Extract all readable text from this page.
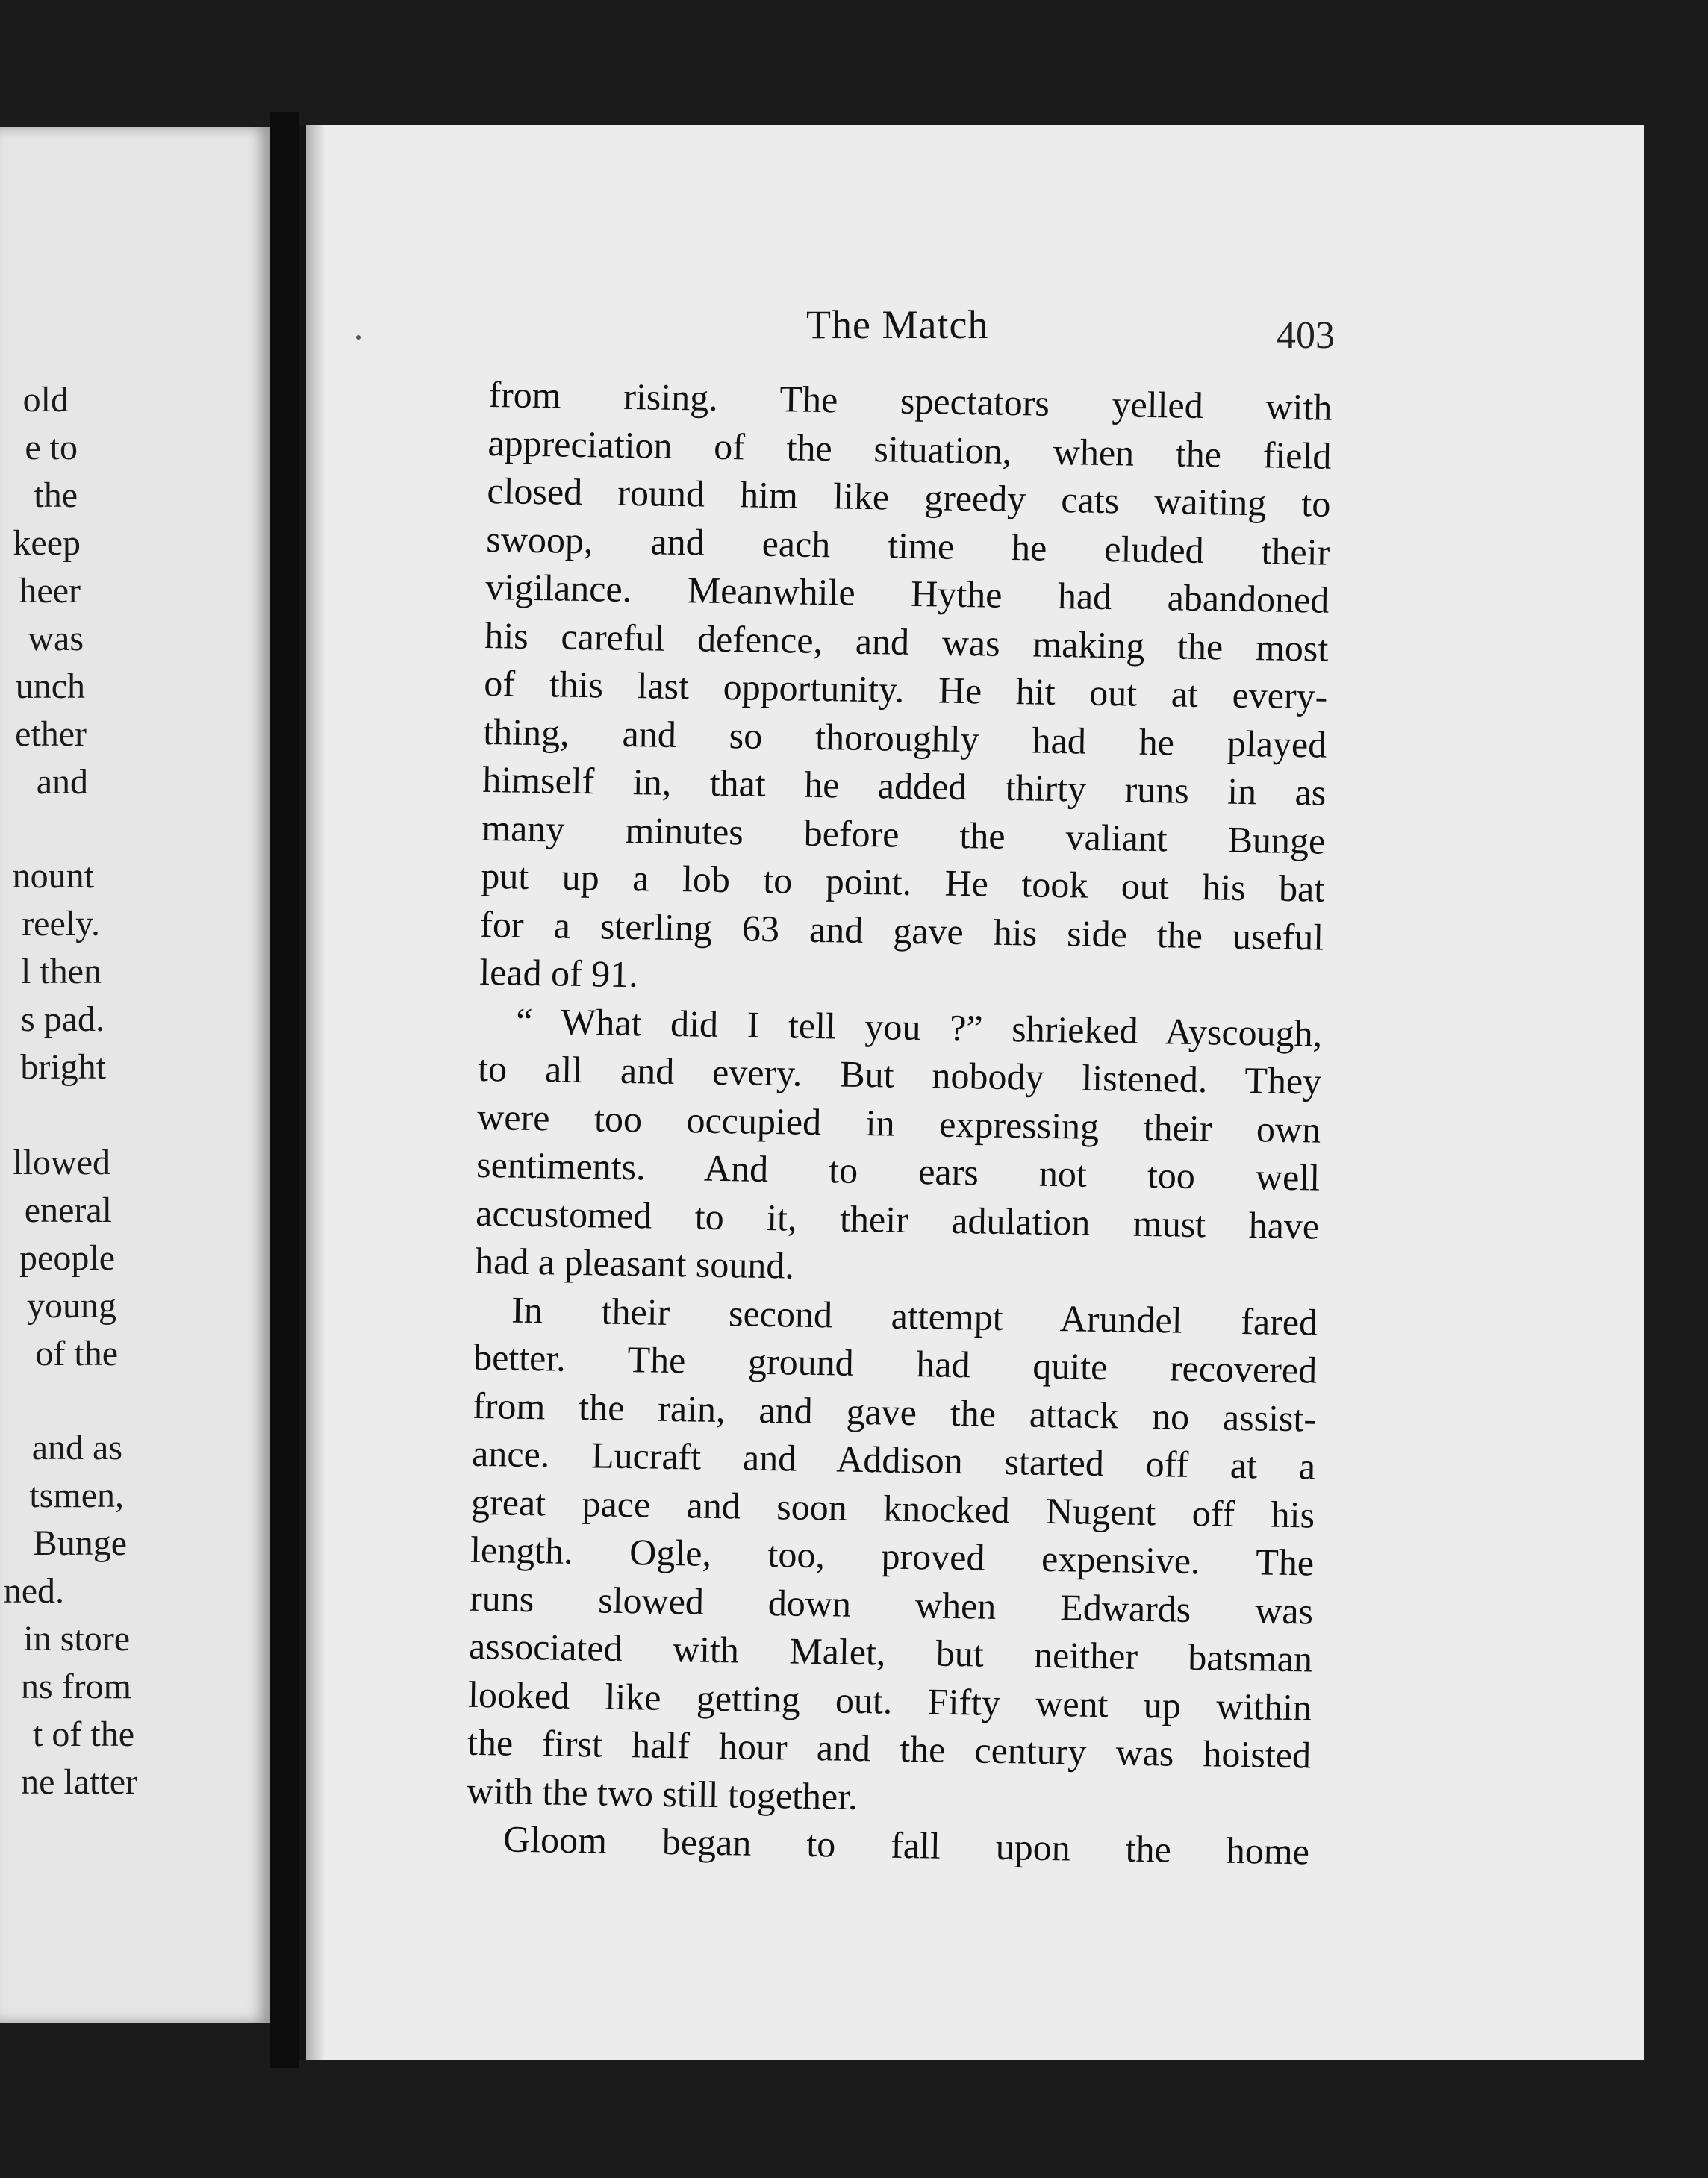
old
e to
the
keep
heer
was
unch
ether
and
nount
reely.
l then
s pad.
bright
llowed
eneral
people
young
of the
and as
tsmen,
Bunge
ned.
in store
ns from
t of the
ne latter
The Match	403
from rising. The spectators yelled with
appreciation of the situation, when the field
closed round him like greedy cats waiting to
swoop, and each time he eluded their
vigilance. Meanwhile Hythe had abandoned
his careful defence, and was making the most
of this last opportunity. He hit out at every-
thing, and so thoroughly had he played
himself in, that he added thirty runs in as
many minutes before the valiant Bunge
put up a lob to point. He took out his bat
for a sterling 63 and gave his side the useful
lead of 91.
“ What did I tell you ?” shrieked Ayscough,
to all and every. But nobody listened. They
were too occupied in expressing their own
sentiments. And to ears not too well
accustomed to it, their adulation must have
had a pleasant sound.
In their second attempt Arundel fared
better. The ground had quite recovered
from the rain, and gave the attack no assist-
ance. Lucraft and Addison started off at a
great pace and soon knocked Nugent off his
length. Ogle, too, proved expensive. The
runs slowed down when Edwards was
associated with Malet, but neither batsman
looked like getting out. Fifty went up within
the first half hour and the century was hoisted
with the two still together.
Gloom began to fall upon the home
